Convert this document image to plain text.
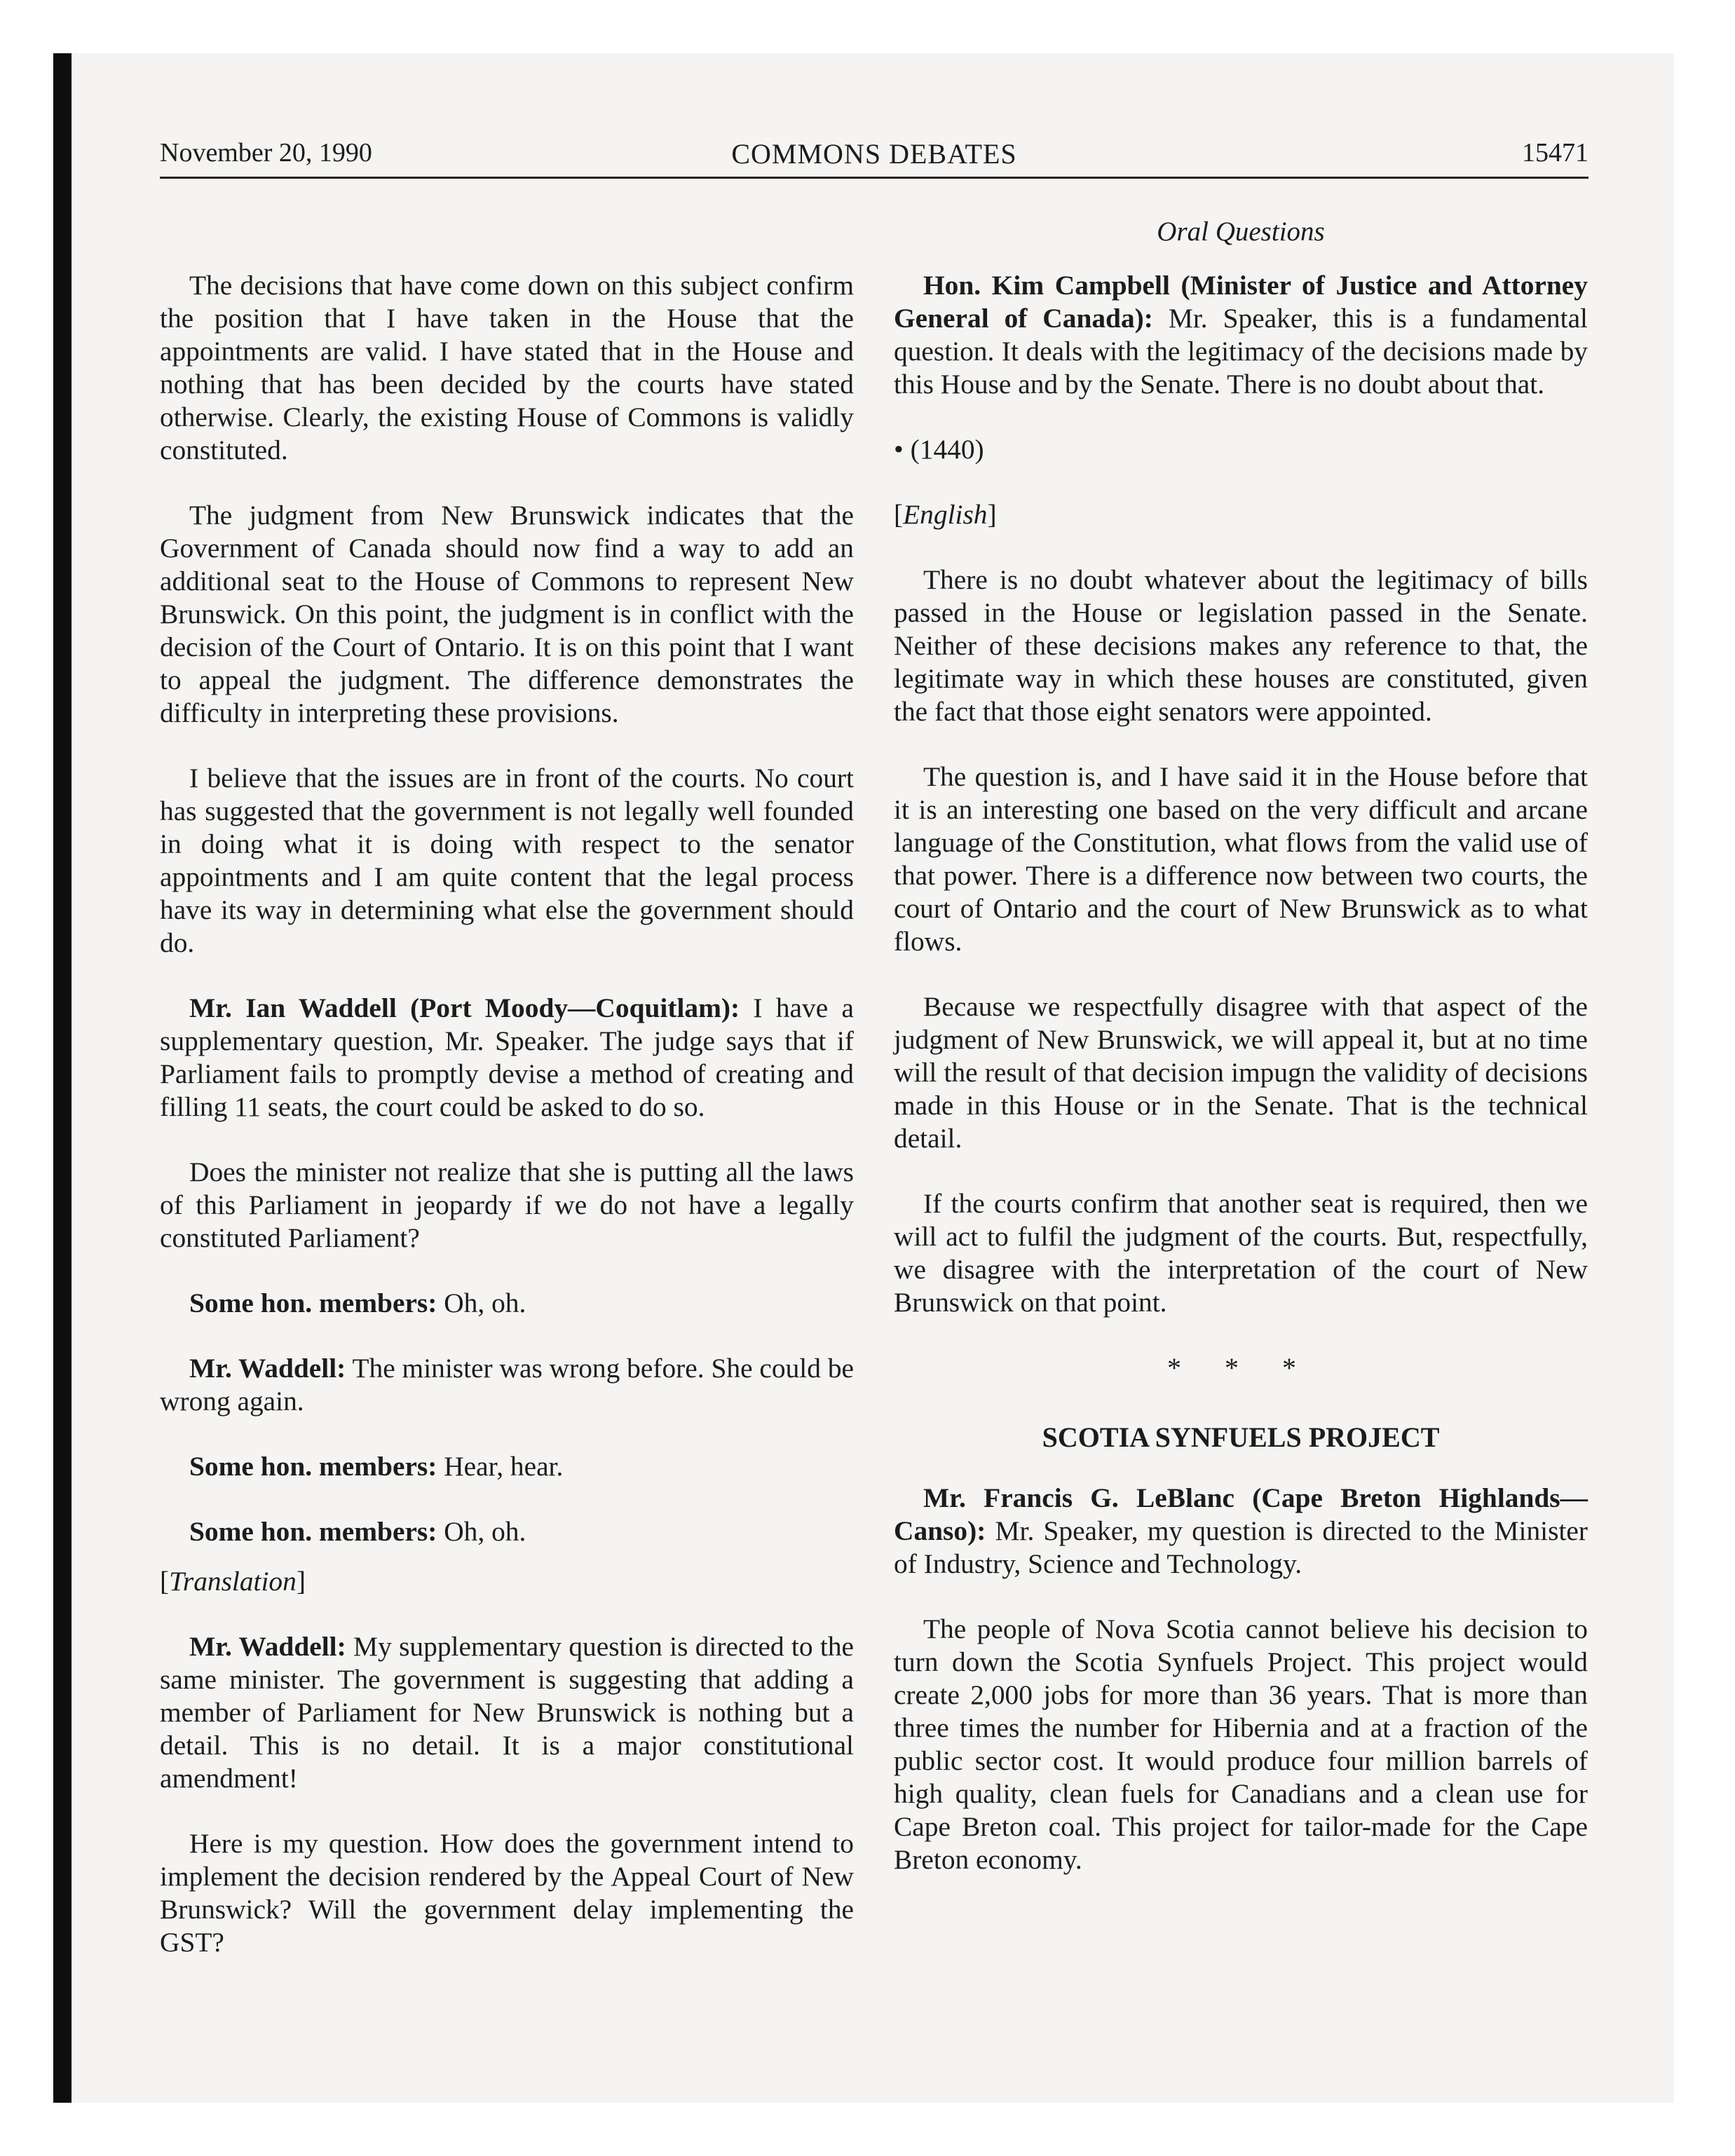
November 20, 1990	COMMONS DEBATES	15471
Oral Questions

The decisions that have come down on this subject confirm the position that I have taken in the House that the appointments are valid. I have stated that in the House and nothing that has been decided by the courts have stated otherwise. Clearly, the existing House of Commons is validly constituted.

The judgment from New Brunswick indicates that the Government of Canada should now find a way to add an additional seat to the House of Commons to represent New Brunswick. On this point, the judgment is in conflict with the decision of the Court of Ontario. It is on this point that I want to appeal the judgment. The difference demonstrates the difficulty in interpreting these provisions.

I believe that the issues are in front of the courts. No court has suggested that the government is not legally well founded in doing what it is doing with respect to the senator appointments and I am quite content that the legal process have its way in determining what else the government should do.

Mr. Ian Waddell (Port Moody—Coquitlam): I have a supplementary question, Mr. Speaker. The judge says that if Parliament fails to promptly devise a method of creating and filling 11 seats, the court could be asked to do so.

Does the minister not realize that she is putting all the laws of this Parliament in jeopardy if we do not have a legally constituted Parliament?

Some hon. members: Oh, oh.

Mr. Waddell: The minister was wrong before. She could be wrong again.

Some hon. members: Hear, hear.

Some hon. members: Oh, oh.

[Translation]

Mr. Waddell: My supplementary question is directed to the same minister. The government is suggesting that adding a member of Parliament for New Brunswick is nothing but a detail. This is no detail. It is a major constitutional amendment!

Here is my question. How does the government intend to implement the decision rendered by the Appeal Court of New Brunswick? Will the government delay implementing the GST?

Hon. Kim Campbell (Minister of Justice and Attorney General of Canada): Mr. Speaker, this is a fundamental question. It deals with the legitimacy of the decisions made by this House and by the Senate. There is no doubt about that.

• (1440)
[English]

There is no doubt whatever about the legitimacy of bills passed in the House or legislation passed in the Senate. Neither of these decisions makes any reference to that, the legitimate way in which these houses are constituted, given the fact that those eight senators were appointed.

The question is, and I have said it in the House before that it is an interesting one based on the very difficult and arcane language of the Constitution, what flows from the valid use of that power. There is a difference now between two courts, the court of Ontario and the court of New Brunswick as to what flows.

Because we respectfully disagree with that aspect of the judgment of New Brunswick, we will appeal it, but at no time will the result of that decision impugn the validity of decisions made in this House or in the Senate. That is the technical detail.

If the courts confirm that another seat is required, then we will act to fulfil the judgment of the courts. But, respectfully, we disagree with the interpretation of the court of New Brunswick on that point.

* * *
SCOTIA SYNFUELS PROJECT

Mr. Francis G. LeBlanc (Cape Breton Highlands—Canso): Mr. Speaker, my question is directed to the Minister of Industry, Science and Technology.

The people of Nova Scotia cannot believe his decision to turn down the Scotia Synfuels Project. This project would create 2,000 jobs for more than 36 years. That is more than three times the number for Hibernia and at a fraction of the public sector cost. It would produce four million barrels of high quality, clean fuels for Canadians and a clean use for Cape Breton coal. This project for tailor-made for the Cape Breton economy.
